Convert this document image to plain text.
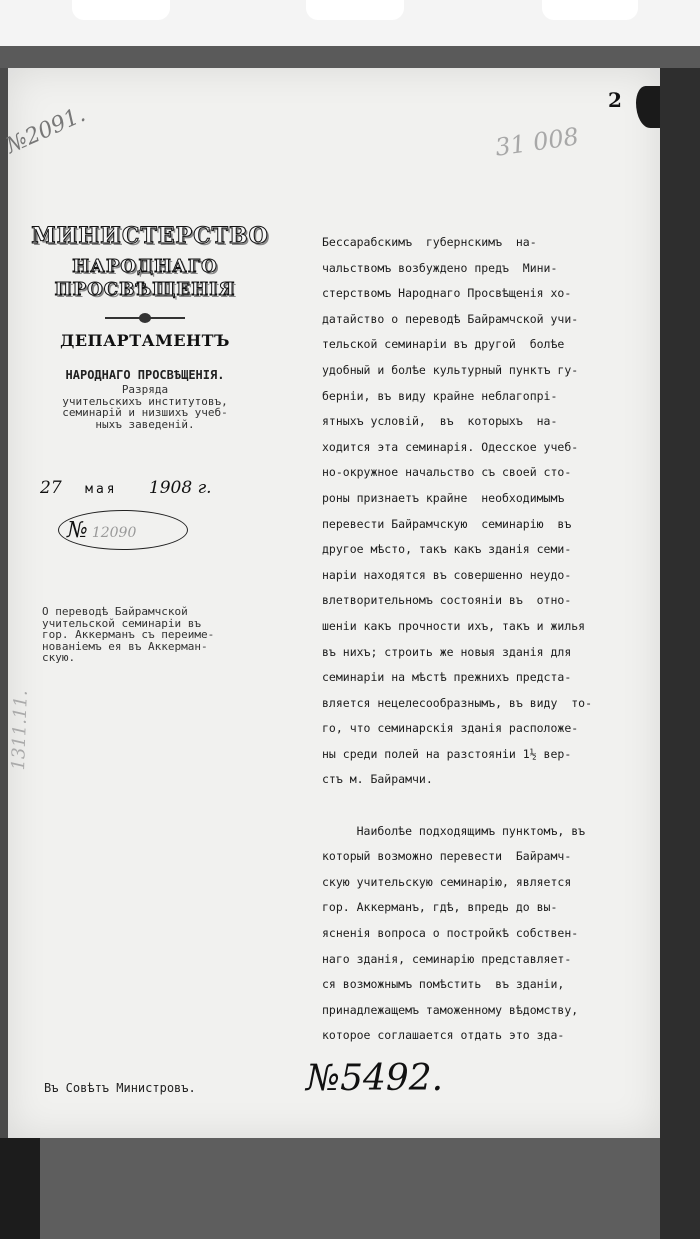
2
№2091.	31 008
МИНИСТЕРСТВО
НАРОДНАГО ПРОСВѢЩЕНІЯ
ДЕПАРТАМЕНТЪ
НАРОДНАГО ПРОСВѢЩЕНІЯ.
Разряда
учительскихъ институтовъ,
семинарій и низшихъ учеб-
ныхъ заведеній.
27 мая 1908 г.
№ 12090
О переводѣ Байрамчской
учительской семинаріи въ
гор. Аккерманъ съ переиме-
нованіемъ ея въ Аккерман-
скую.
1311.11.
Бессарабскимъ  губернскимъ  на-
чальствомъ возбуждено предъ  Мини-
стерствомъ Народнаго Просвѣщенія хо-
датайство о переводѣ Байрамчской учи-
тельской семинаріи въ другой  болѣе
удобный и болѣе культурный пунктъ гу-
берніи, въ виду крайне неблагопрі-
ятныхъ условій,  въ  которыхъ  на-
ходится эта семинарія. Одесское учеб-
но-окружное начальство съ своей сто-
роны признаетъ крайне  необходимымъ
перевести Байрамчскую  семинарію  въ
другое мѣсто, такъ какъ зданія семи-
наріи находятся въ совершенно неудо-
влетворительномъ состояніи въ  отно-
шеніи какъ прочности ихъ, такъ и жилья
въ нихъ; строить же новыя зданія для
семинаріи на мѣстѣ прежнихъ предста-
вляется нецелесообразнымъ, въ виду  то-
го, что семинарскія зданія расположе-
ны среди полей на разстояніи 1½ вер-
стъ м. Байрамчи.

Наиболѣе подходящимъ пунктомъ, въ
который возможно перевести  Байрамч-
скую учительскую семинарію, является
гор. Аккерманъ, гдѣ, впредь до вы-
ясненія вопроса о постройкѣ собствен-
наго зданія, семинарію представляет-
ся возможнымъ помѣстить  въ зданіи,
принадлежащемъ таможенному вѣдомству,
которое соглашается отдать это зда-
Въ Совѣтъ Министровъ.	№5492.
